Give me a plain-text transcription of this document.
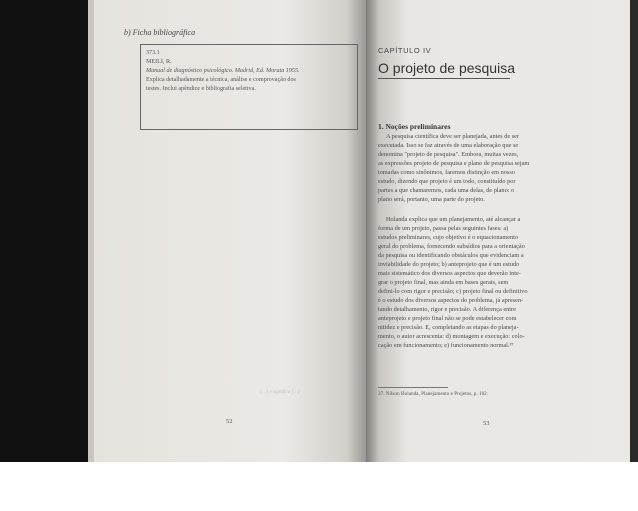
b) Ficha bibliográfica
373.1
MEILI, R.
Manual de diagnóstico psicológico. Madrid, Ed. Morata 1955.
Explica detalhadamente a técnica, análise e comprovação dos
testes. Inclui apêndice e bibliografia seletiva.
[…] e significa […]
52
CAPÍTULO IV
O projeto de pesquisa
1. Noções preliminares
A pesquisa científica deve ser planejada, antes de ser
executada. Isso se faz através de uma elaboração que se
denomina "projeto de pesquisa". Embora, muitas vezes,
as expressões projeto de pesquisa e plano de pesquisa sejam
tomadas como sinônimos, faremos distinção em nosso
estudo, dizendo que projeto é um todo, constituído por
partes a que chamaremos, cada uma delas, de plano: o
plano será, portanto, uma parte do projeto.
Holanda explica que um planejamento, até alcançar a
forma de um projeto, passa pelas seguintes fases: a)
estudos preliminares, cujo objetivo é o equacionamento
geral do problema, fornecendo subsídios para a orientação
da pesquisa ou identificando obstáculos que evidenciam a
inviabilidade do projeto; b) anteprojeto que é um estudo
mais sistemático dos diversos aspectos que deverão inte-
grar o projeto final, mas ainda em bases gerais, sem
defini-lo com rigor e precisão; c) projeto final ou definitivo
é o estudo dos diversos aspectos do problema, já apresen-
tando detalhamento, rigor e precisão. A diferença entre
anteprojeto e projeto final não se pode estabelecer com
nitidez e precisão. E, completando as etapas do planeja-
mento, o autor acrescenta: d) montagem e execução: colo-
cação em funcionamento; e) funcionamento normal.³⁷
37. Nilson Holanda, Planejamento e Projetos, p. 102.
53
